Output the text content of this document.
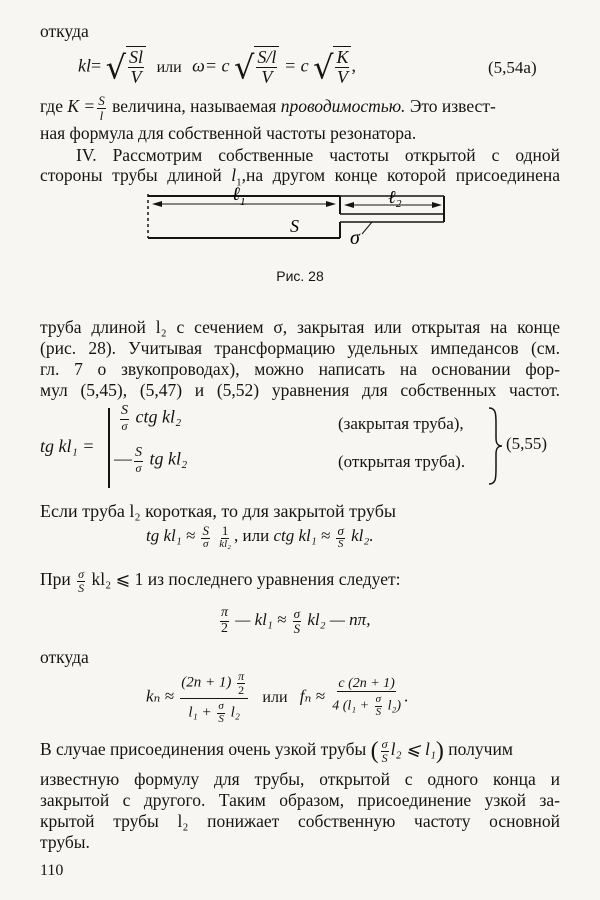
откуда
kl= √ $\frac{Sl}{V}$ или ω= c √ $\frac{S/l}{V} = c$ √ $\frac{K}{V}$ ,	(5,54a)
где $K = \frac{S}{l}$ величина, называемая проводимостью. Это извест-
ная формула для собственной частоты резонатора.
IV. Рассмотрим собственные частоты открытой с одной
стороны трубы длиной $l_1,на$ другом конце которой присоединена
ℓ 1	ℓ 2
S
σ
Рис. 28
труба длиной l₂ с сечением σ, закрытая или открытая на конце
(рис. 28). Учитывая трансформацию удельных импедансов (см.
гл. 7 о звукопроводах), можно написать на основании фор-
мул (5,45), (5,47) и (5,52) уравнения для собственных частот.
tg kl₁ =
$\frac{S}{\sigma}$ ctg kl₂	(закрытая труба),
— $\frac{S}{\sigma}$ tg kl₂	(открытая труба).
(5,55)
Если труба l₂ короткая, то для закрытой трубы
tg $kl_1 \approx \frac{S}{\sigma}$
$\frac{1}{\text{kl₂}}$ , или ctg $kl_1 \approx \frac{\sigma}{S} kl_2$.
При $\frac{\sigma}{S} kl_2$ ⩽ 1 из последнего уравнения следует:
$\frac{\pi}{2}$ — $kl_1 \approx \frac{\sigma}{S} kl_2$ — nπ,
откуда
$k_n \approx \frac{(2n + 1) \frac{\pi}{2}}{l_1 + \frac{\sigma}{S} l_2}$ или $f_n \approx \frac{c (2n + 1)}{4 (l_1 + \frac{\sigma}{S} l_2)}$ .
В случае присоединения очень узкой трубы ( $\frac{\sigma}{S} l_2$ ⩽ l₁) получим
известную формулу для трубы, открытой с одного конца и
закрытой с другого. Таким образом, присоединение узкой за-
крытой трубы l₂ понижает собственную частоту основной
трубы.
110
